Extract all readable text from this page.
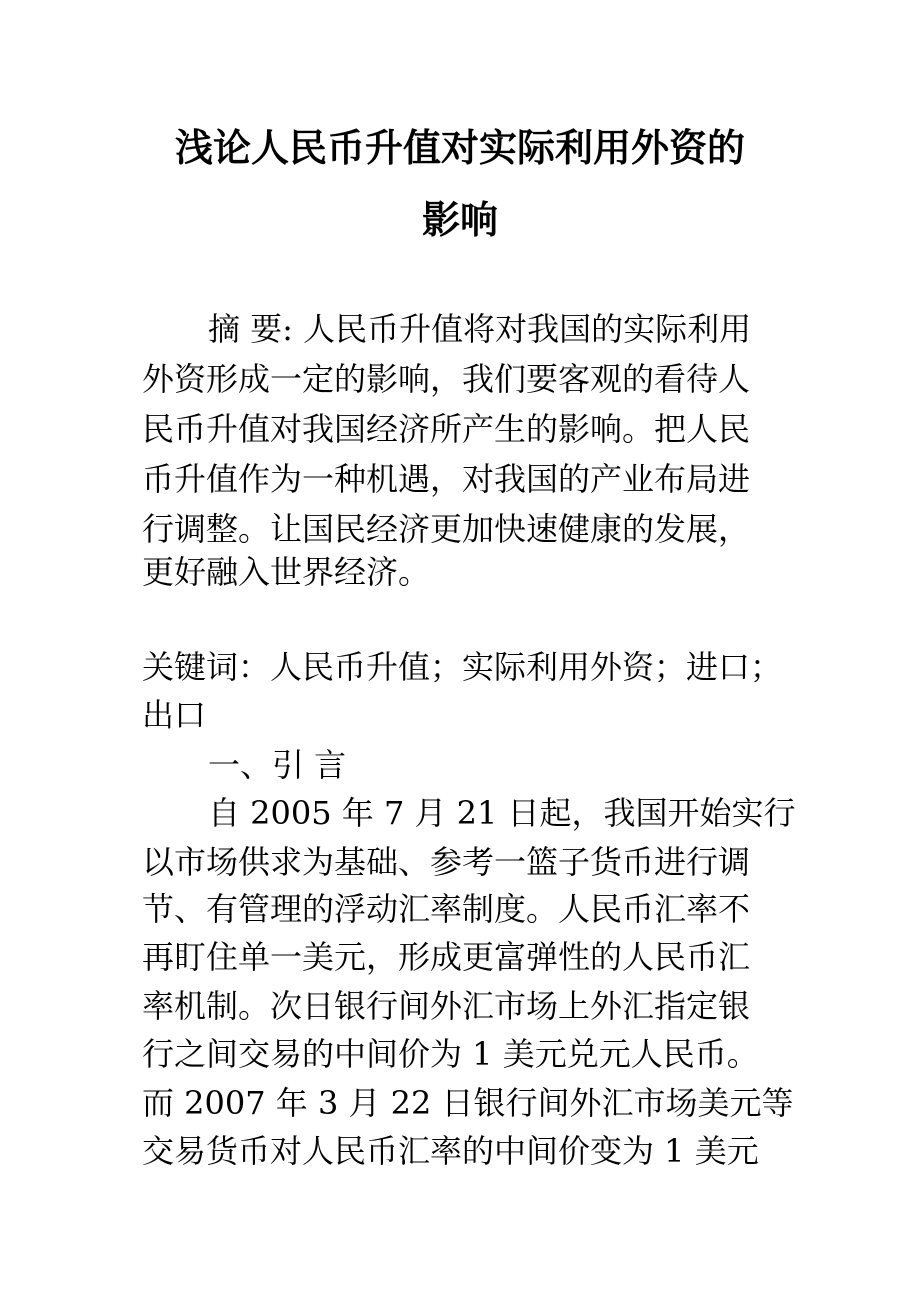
浅论人民币升值对实际利用外资的
影响

摘 要: 人民币升值将对我国的实际利用

外资形成一定的影响，我们要客观的看待人

民币升值对我国经济所产生的影响。把人民

币升值作为一种机遇，对我国的产业布局进

行调整。让国民经济更加快速健康的发展，

更好融入世界经济。

关键词：人民币升值；实际利用外资；进口；

出口

一、引 言

自 2005 年 7 月 21 日起，我国开始实行

以市场供求为基础、参考一篮子货币进行调

节、有管理的浮动汇率制度。人民币汇率不

再盯住单一美元，形成更富弹性的人民币汇

率机制。次日银行间外汇市场上外汇指定银

行之间交易的中间价为 1 美元兑元人民币。

而 2007 年 3 月 22 日银行间外汇市场美元等

交易货币对人民币汇率的中间价变为 1 美元
